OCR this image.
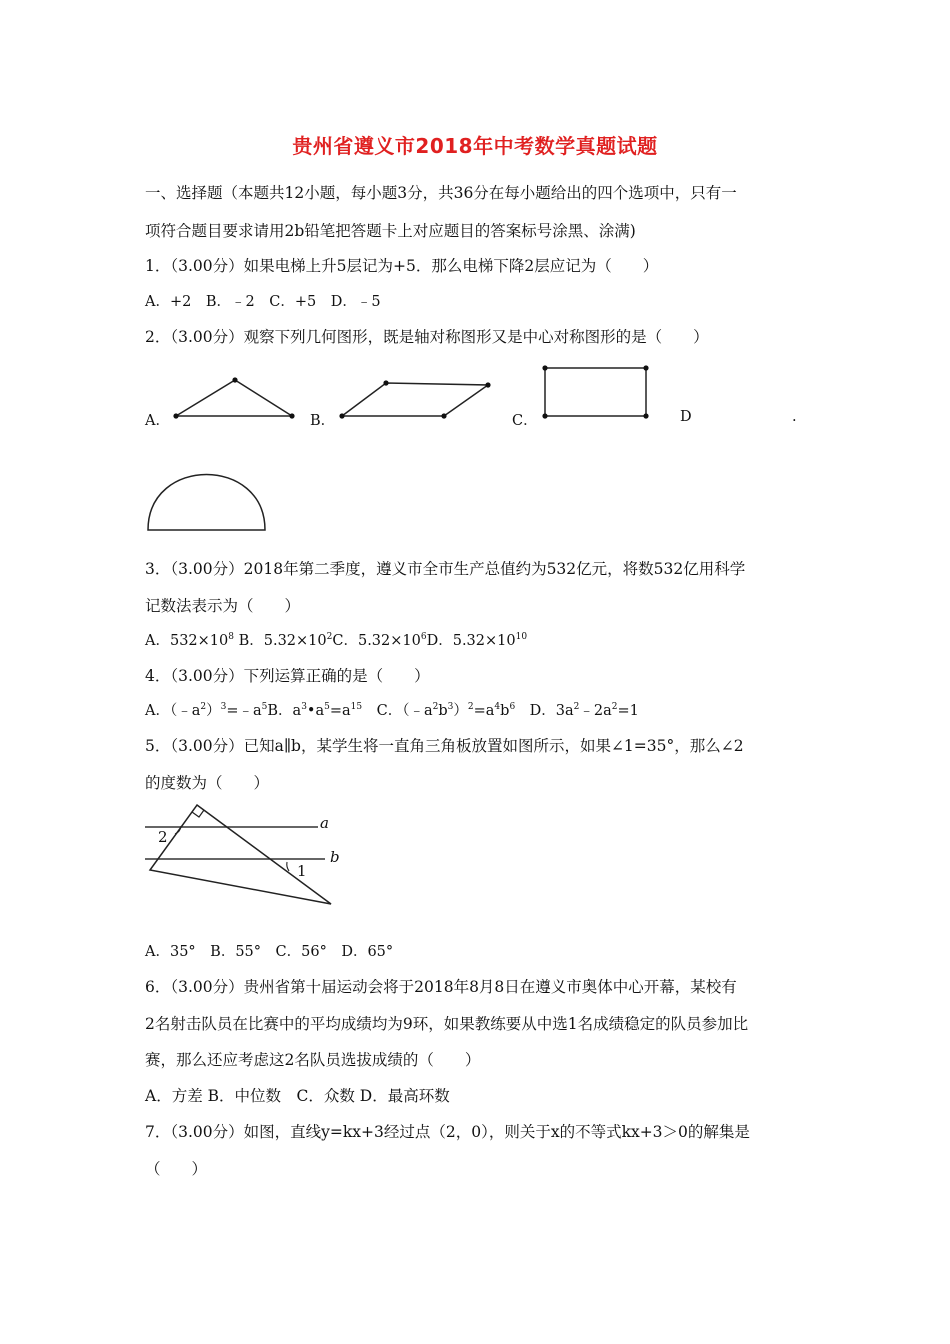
贵州省遵义市2018年中考数学真题试题
一、选择题（本题共12小题，每小题3分，共36分在每小题给出的四个选项中，只有一
项符合题目要求请用2b铅笔把答题卡上对应题目的答案标号涂黑、涂满)
1．（3.00分）如果电梯上升5层记为+5．那么电梯下降2层应记为（　　）
A．+2　B．﹣2　C．+5　D．﹣5
2．（3.00分）观察下列几何图形，既是轴对称图形又是中心对称图形的是（　　）
A．	B．	C．	D	.
3．（3.00分）2018年第二季度，遵义市全市生产总值约为532亿元，将数532亿用科学
记数法表示为（　　）
A．$532\times 10^8$ B．$5.32\times 10^2C$．$5.32\times 10^6D$．$5.32\times 10^{10}$
4．（3.00分）下列运算正确的是（　　）
A．$(﹣a^2)^3=﹣a^5B$．$a^3•a^5=a^{15}$　C．$(﹣a^2b^3)^2=a^4b^6$　D．$3a^2﹣2a^2=1$
5．（3.00分）已知a∥b，某学生将一直角三角板放置如图所示，如果∠1=35°，那么∠2
的度数为（　　）
a
b
2
1
A．35°　B．55°　C．56°　D．65°
6．（3.00分）贵州省第十届运动会将于2018年8月8日在遵义市奥体中心开幕，某校有
2名射击队员在比赛中的平均成绩均为9环，如果教练要从中选1名成绩稳定的队员参加比
赛，那么还应考虑这2名队员选拔成绩的（　　）
A．方差 B．中位数　C．众数 D．最高环数
7．（3.00分）如图，直线y=kx+3经过点（2，0），则关于x的不等式kx+3＞0的解集是
（　　）
